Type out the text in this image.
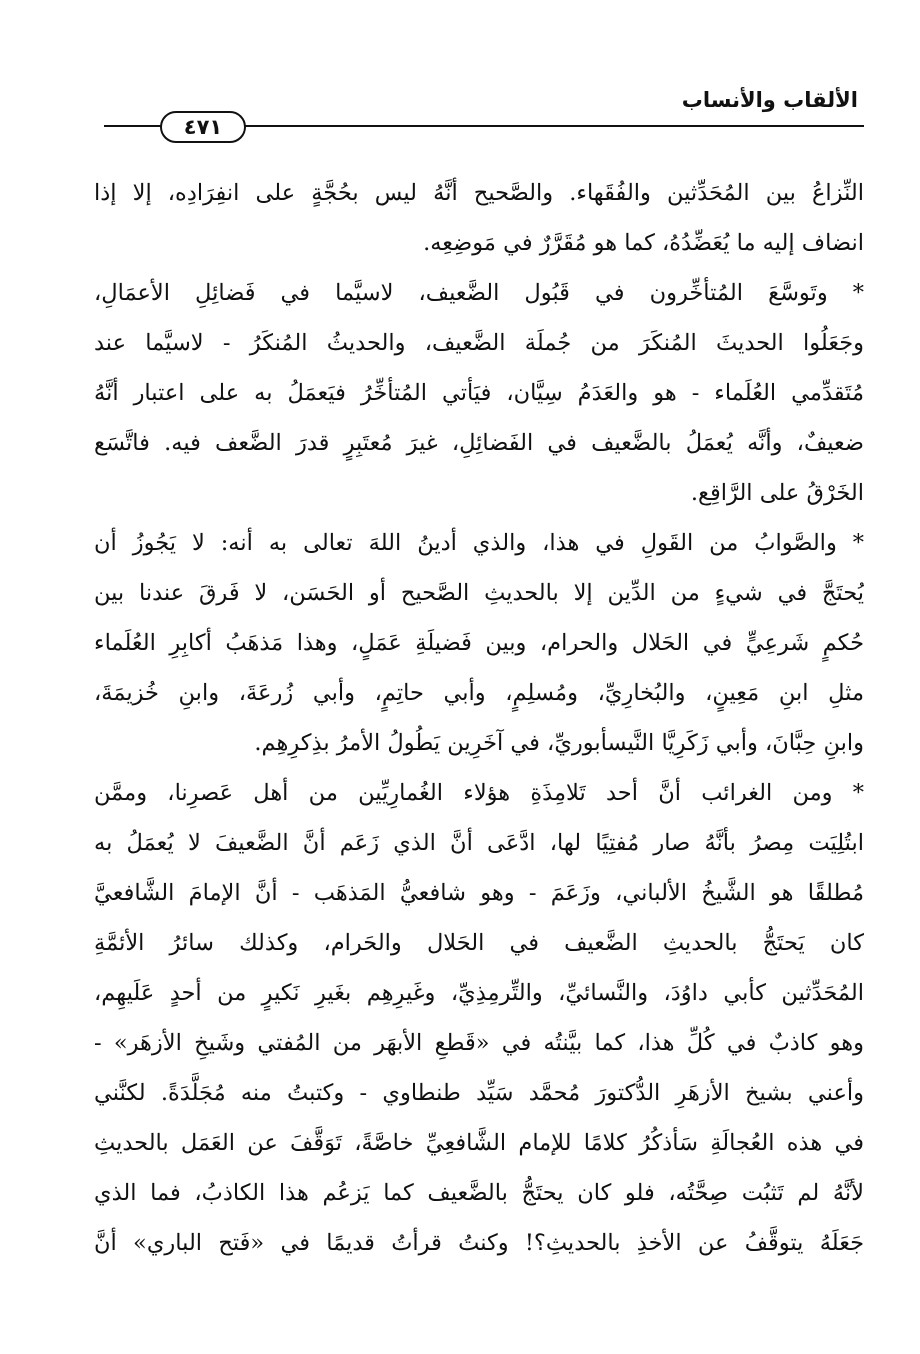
الألقاب والأنساب
٤٧١
النِّزاعُ بين المُحَدِّثين والفُقَهاء. والصَّحيح أنَّهُ ليس بحُجَّةٍ على انفِرَادِه، إلا إذا
انضاف إليه ما يُعَضِّدُهُ، كما هو مُقَرَّرٌ في مَوضِعِه.
* وتَوسَّعَ المُتأخِّرون في قَبُول الضَّعيف، لاسيَّما في فَضائِلِ الأعمَالِ،
وجَعَلُوا الحديثَ المُنكَرَ من جُملَة الضَّعيف، والحديثُ المُنكَرُ - لاسيَّما عند
مُتَقدِّمي العُلَماء - هو والعَدَمُ سِيَّان، فيَأتي المُتأخِّرُ فيَعمَلُ به على اعتبار أنَّهُ
ضعيفٌ، وأنَّه يُعمَلُ بالضَّعيف في الفَضائِلِ، غيرَ مُعتَبِرٍ قدرَ الضَّعف فيه. فاتَّسَع
الخَرْقُ على الرَّاقِع.
* والصَّوابُ من القَولِ في هذا، والذي أدينُ اللهَ تعالى به أنه: لا يَجُوزُ أن
يُحتَجَّ في شيءٍ من الدِّين إلا بالحديثِ الصَّحيح أو الحَسَن، لا فَرقَ عندنا بين
حُكمٍ شَرعِيٍّ في الحَلال والحرام، وبين فَضيلَةِ عَمَلٍ، وهذا مَذهَبُ أكابِرِ العُلَماء
مثلِ ابنِ مَعِينٍ، والبُخارِيِّ، ومُسلِمٍ، وأبي حاتِمٍ، وأبي زُرعَةَ، وابنِ خُزيمَةَ،
وابنِ حِبَّانَ، وأبي زَكَرِيَّا النَّيسأبوريِّ، في آخَرِين يَطُولُ الأمرُ بذِكرِهِم.
* ومن الغرائب أنَّ أحد تَلامِذَةِ هؤلاء الغُمارِيِّين من أهل عَصرِنا، وممَّن
ابتُلِيَت مِصرُ بأنَّهُ صار مُفتِيًا لها، ادَّعَى أنَّ الذي زَعَم أنَّ الضَّعيفَ لا يُعمَلُ به
مُطلقًا هو الشَّيخُ الألباني، وزَعَمَ - وهو شافعيُّ المَذهَب - أنَّ الإمامَ الشَّافعيَّ
كان يَحتَجُّ بالحديثِ الضَّعيف في الحَلال والحَرام، وكذلك سائرُ الأئمَّةِ
المُحَدِّثين كأبي داوُدَ، والنَّسائيِّ، والتِّرمِذِيِّ، وغَيرِهِم بغَيرِ نَكيرٍ من أحدٍ عَلَيهِم،
وهو كاذبٌ في كُلِّ هذا، كما بيَّنتُه في «قَطعِ الأبهَر من المُفتي وشَيخِ الأزهَر» -
وأعني بشيخ الأزهَرِ الدُّكتورَ مُحمَّد سَيِّد طنطاوي - وكتبتُ منه مُجَلَّدَةً. لكنَّني
في هذه العُجالَةِ سَأذكُرُ كلامًا للإمام الشَّافعِيِّ خاصَّةً، تَوَقَّفَ عن العَمَل بالحديثِ
لأنَّهُ لم تَثبُت صِحَّتُه، فلو كان يحتَجُّ بالضَّعيف كما يَزعُم هذا الكاذبُ، فما الذي
جَعَلَهُ يتوقَّفُ عن الأخذِ بالحديثِ؟! وكنتُ قرأتُ قديمًا في «فَتح الباري» أنَّ
